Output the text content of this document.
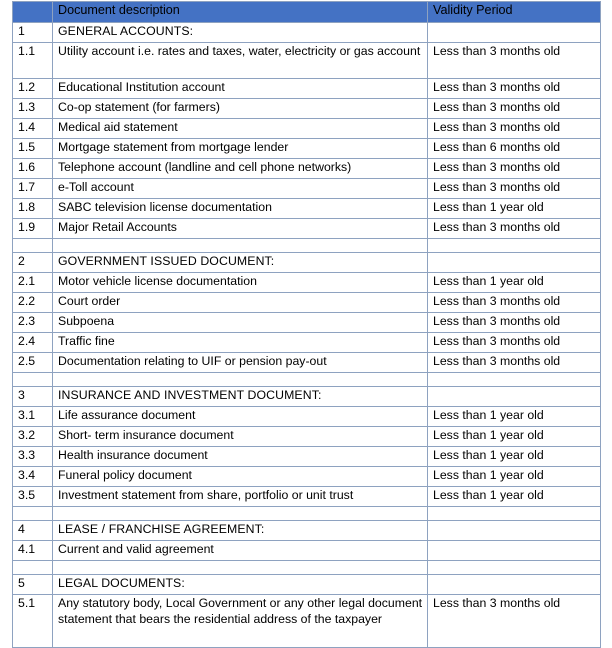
	Document description	Validity Period
1	GENERAL ACCOUNTS:	
1.1	Utility account i.e. rates and taxes, water, electricity or gas account	Less than 3 months old
1.2	Educational Institution account	Less than 3 months old
1.3	Co-op statement (for farmers)	Less than 3 months old
1.4	Medical aid statement	Less than 3 months old
1.5	Mortgage statement from mortgage lender	Less than 6 months old
1.6	Telephone account (landline and cell phone networks)	Less than 3 months old
1.7	e-Toll account	Less than 3 months old
1.8	SABC television license documentation	Less than 1 year old
1.9	Major Retail Accounts	Less than 3 months old

2	GOVERNMENT ISSUED DOCUMENT:	
2.1	Motor vehicle license documentation	Less than 1 year old
2.2	Court order	Less than 3 months old
2.3	Subpoena	Less than 3 months old
2.4	Traffic fine	Less than 3 months old
2.5	Documentation relating to UIF or pension pay-out	Less than 3 months old

3	INSURANCE AND INVESTMENT DOCUMENT:	
3.1	Life assurance document	Less than 1 year old
3.2	Short- term insurance document	Less than 1 year old
3.3	Health insurance document	Less than 1 year old
3.4	Funeral policy document	Less than 1 year old
3.5	Investment statement from share, portfolio or unit trust	Less than 1 year old

4	LEASE / FRANCHISE AGREEMENT:	
4.1	Current and valid agreement	

5	LEGAL DOCUMENTS:	
5.1	Any statutory body, Local Government or any other legal document statement that bears the residential address of the taxpayer	Less than 3 months old
